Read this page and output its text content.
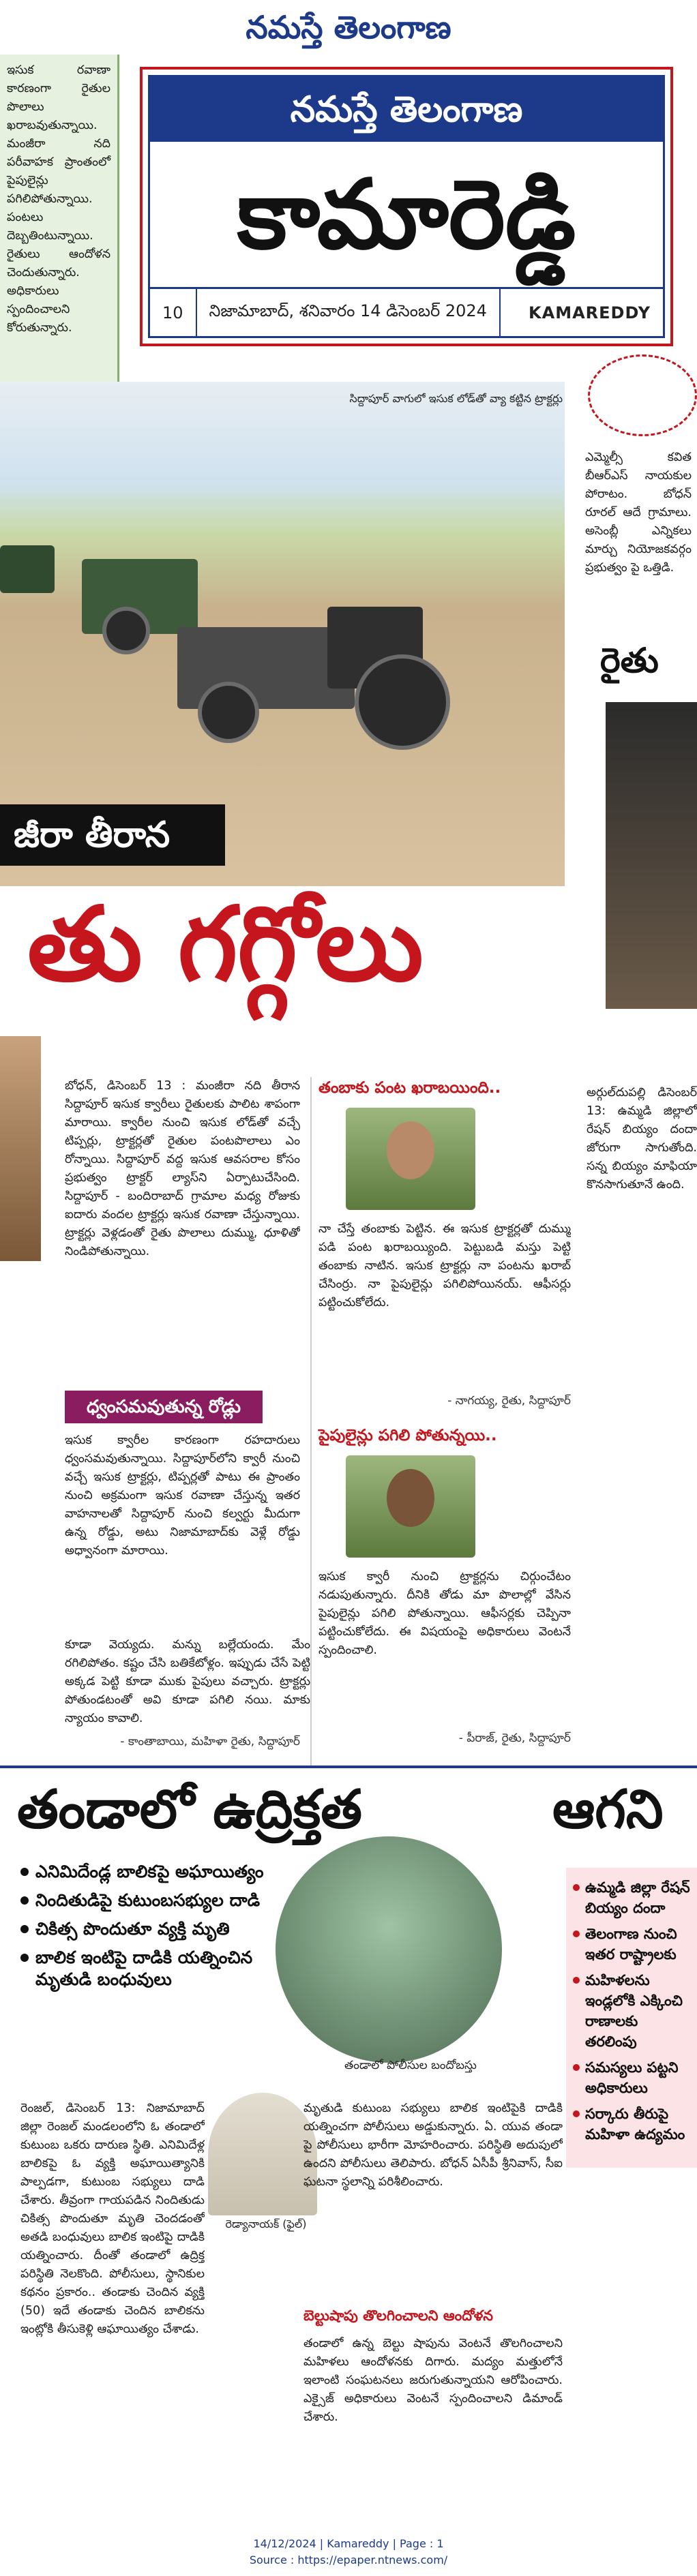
నమస్తే తెలంగాణ
ఇసుక రవాణా కారణంగా రైతుల పొలాలు ఖరాబవుతున్నాయి. మంజీరా నది పరీవాహక ప్రాంతంలో పైపులైన్లు పగిలిపోతున్నాయి. పంటలు దెబ్బతింటున్నాయి. రైతులు ఆందోళన చెందుతున్నారు. అధికారులు స్పందించాలని కోరుతున్నారు.
నమస్తే తెలంగాణ
కామారెడ్డి
10	నిజామాబాద్, శనివారం 14 డిసెంబర్ 2024	KAMAREDDY
ఎమ్మెల్సీ కవిత బీఆర్ఎస్ నాయకుల పోరాటం. బోధన్ రూరల్ ఆదే గ్రామాలు. అసెంబ్లీ ఎన్నికలు మార్చు నియోజకవర్గం ప్రభుత్వం పై ఒత్తిడి.
సిద్దాపూర్ వాగులో ఇసుక లోడ్‌తో వ్యా కట్టిన ట్రాక్టర్లు
రైతు
జీరా తీరాన
తు గగ్గోలు
బోధన్, డిసెంబర్ 13 : మంజీరా నది తీరాన సిద్దాపూర్ ఇసుక క్వారీలు రైతులకు పాలిట శాపంగా మారాయి. క్వారీల నుంచి ఇసుక లోడ్‌తో వచ్చే టిప్పర్లు, ట్రాక్టర్లతో రైతుల పంటపొలాలు ఎం రోన్నాయి. సిద్దాపూర్ వద్ద ఇసుక ఆవసరాల కోసం ప్రభుత్వం ట్రాక్టర్ ల్యాస్‌ని ఏర్పాటుచేసింది. సిద్దాపూర్ - బందిరాబాద్ గ్రామాల మధ్య రోజుకు ఐదారు వందల ట్రాక్టర్లు ఇసుక రవాణా చేస్తున్నాయి. ట్రాక్టర్లు వెళ్లడంతో రైతు పొలాలు దుమ్ము, ధూళితో నిండిపోతున్నాయి.
ధ్వంసమవుతున్న రోడ్లు
ఇసుక క్వారీల కారణంగా రహదారులు ధ్వంసమవుతున్నాయి. సిద్దాపూర్‌లోని క్వారీ నుంచి వచ్చే ఇసుక ట్రాక్టర్లు, టిప్పర్లతో పాటు ఈ ప్రాంతం నుంచి అక్రమంగా ఇసుక రవాణా చేస్తున్న ఇతర వాహనాలతో సిద్దాపూర్ నుంచి కల్వర్టు మీదుగా ఉన్న రోడ్డు, అటు నిజామాబాద్‌కు వెళ్లే రోడ్డు అధ్వానంగా మారాయి.
కూడా వెయ్యదు. మన్ను బల్లేయందు. మేం రగిలిపోతం. కష్టం చేసి బతికేటోళ్లం. ఇప్పుడు చేసే పెట్టి అక్కడ పెట్టి కూడా ముకు పైపులు వచ్చారు. ట్రాక్టర్లు పోతుండటంతో అవి కూడా పగిలి నయి. మాకు న్యాయం కావాలి.
- కాంతాబాయి, మహిళా రైతు, సిద్దాపూర్
తంబాకు పంట ఖరాబయింది..
నా చేస్తే తంబాకు పెట్టిన. ఈ ఇసుక ట్రాక్టర్లతో దుమ్ము పడి పంట ఖరాబయ్యింది. పెట్టుబడి మస్తు పెట్టి తంబాకు నాటిన. ఇసుక ట్రాక్టర్లు నా పంటను ఖరాబ్ చేసింర్రు. నా పైపులైన్లు పగిలిపోయినయ్. ఆఫీసర్లు పట్టించుకోలేదు.
- నాగయ్య, రైతు, సిద్దాపూర్
పైపులైన్లు పగిలి పోతున్నయి..
ఇసుక క్వారీ నుంచి ట్రాక్టర్లను చిర్గుంచేటం నడుపుతున్నారు. దీనికి తోడు మా పొలాల్లో వేసిన పైపులైన్లు పగిలి పోతున్నాయి. ఆఫీసర్లకు చెప్పినా పట్టించుకోలేదు. ఈ విషయంపై అధికారులు వెంటనే స్పందించాలి.
- పీరాజ్, రైతు, సిద్దాపూర్
అర్గుల్‌దుపల్లి డిసెంబర్ 13: ఉమ్మడి జిల్లాలో రేషన్ బియ్యం దందా జోరుగా సాగుతోంది. సన్న బియ్యం మాఫియా కొనసాగుతూనే ఉంది.
తండాలో ఉద్రిక్తత	ఆగని
ఎనిమిదేండ్ల బాలికపై అఘాయిత్యం
నిందితుడిపై కుటుంబసభ్యుల దాడి
చికిత్స పొందుతూ వ్యక్తి మృతి
బాలిక ఇంటిపై దాడికి యత్నించిన మృతుడి బంధువులు
తండాలో పోలీసుల బందోబస్తు
ఉమ్మడి జిల్లా రేషన్ బియ్యం దందా
తెలంగాణ నుంచి ఇతర రాష్ట్రాలకు
మహిళలను ఇండ్లలోకి ఎక్కించి రాణాలకు తరలింపు
సమస్యలు పట్టని అధికారులు
సర్కారు తీరుపై మహిళా ఉద్యమం
రెంజల్, డిసెంబర్ 13: నిజామాబాద్ జిల్లా రెంజల్ మండలంలోని ఓ తండాలో కుటుంబ ఒకరు దారుణ స్థితి. ఎనిమిదేళ్ల బాలికపై ఓ వ్యక్తి అఘాయిత్యానికి పాల్పడగా, కుటుంబ సభ్యులు దాడి చేశారు. తీవ్రంగా గాయపడిన నిందితుడు చికిత్స పొందుతూ మృతి చెందడంతో అతడి బంధువులు బాలిక ఇంటిపై దాడికి యత్నించారు. దీంతో తండాలో ఉద్రిక్త పరిస్థితి నెలకొంది. పోలీసులు, స్థానికుల కథనం ప్రకారం.. తండాకు చెందిన వ్యక్తి (50) ఇదే తండాకు చెందిన బాలికను ఇంట్లోకి తీసుకెళ్లి ఆఘాయిత్యం చేశాడు.
రెడ్యానాయక్ (ఫైల్)
మృతుడి కుటుంబ సభ్యులు బాలిక ఇంటిపైకి దాడికి యత్నించగా పోలీసులు అడ్డుకున్నారు. ఏ. యువ తండా పై పోలీసులు భారీగా మోహరించారు. పరిస్థితి అదుపులో ఉందని పోలీసులు తెలిపారు. బోధన్ ఏసీపీ శ్రీనివాస్, సీఐ ఘటనా స్థలాన్ని పరిశీలించారు.
బెల్టుషాపు తొలగించాలని ఆందోళన
తండాలో ఉన్న బెల్టు షాపును వెంటనే తొలగించాలని మహిళలు ఆందోళనకు దిగారు. మద్యం మత్తులోనే ఇలాంటి సంఘటనలు జరుగుతున్నాయని ఆరోపించారు. ఎక్సైజ్ అధికారులు వెంటనే స్పందించాలని డిమాండ్ చేశారు.
14/12/2024 | Kamareddy | Page : 1
Source : https://epaper.ntnews.com/
